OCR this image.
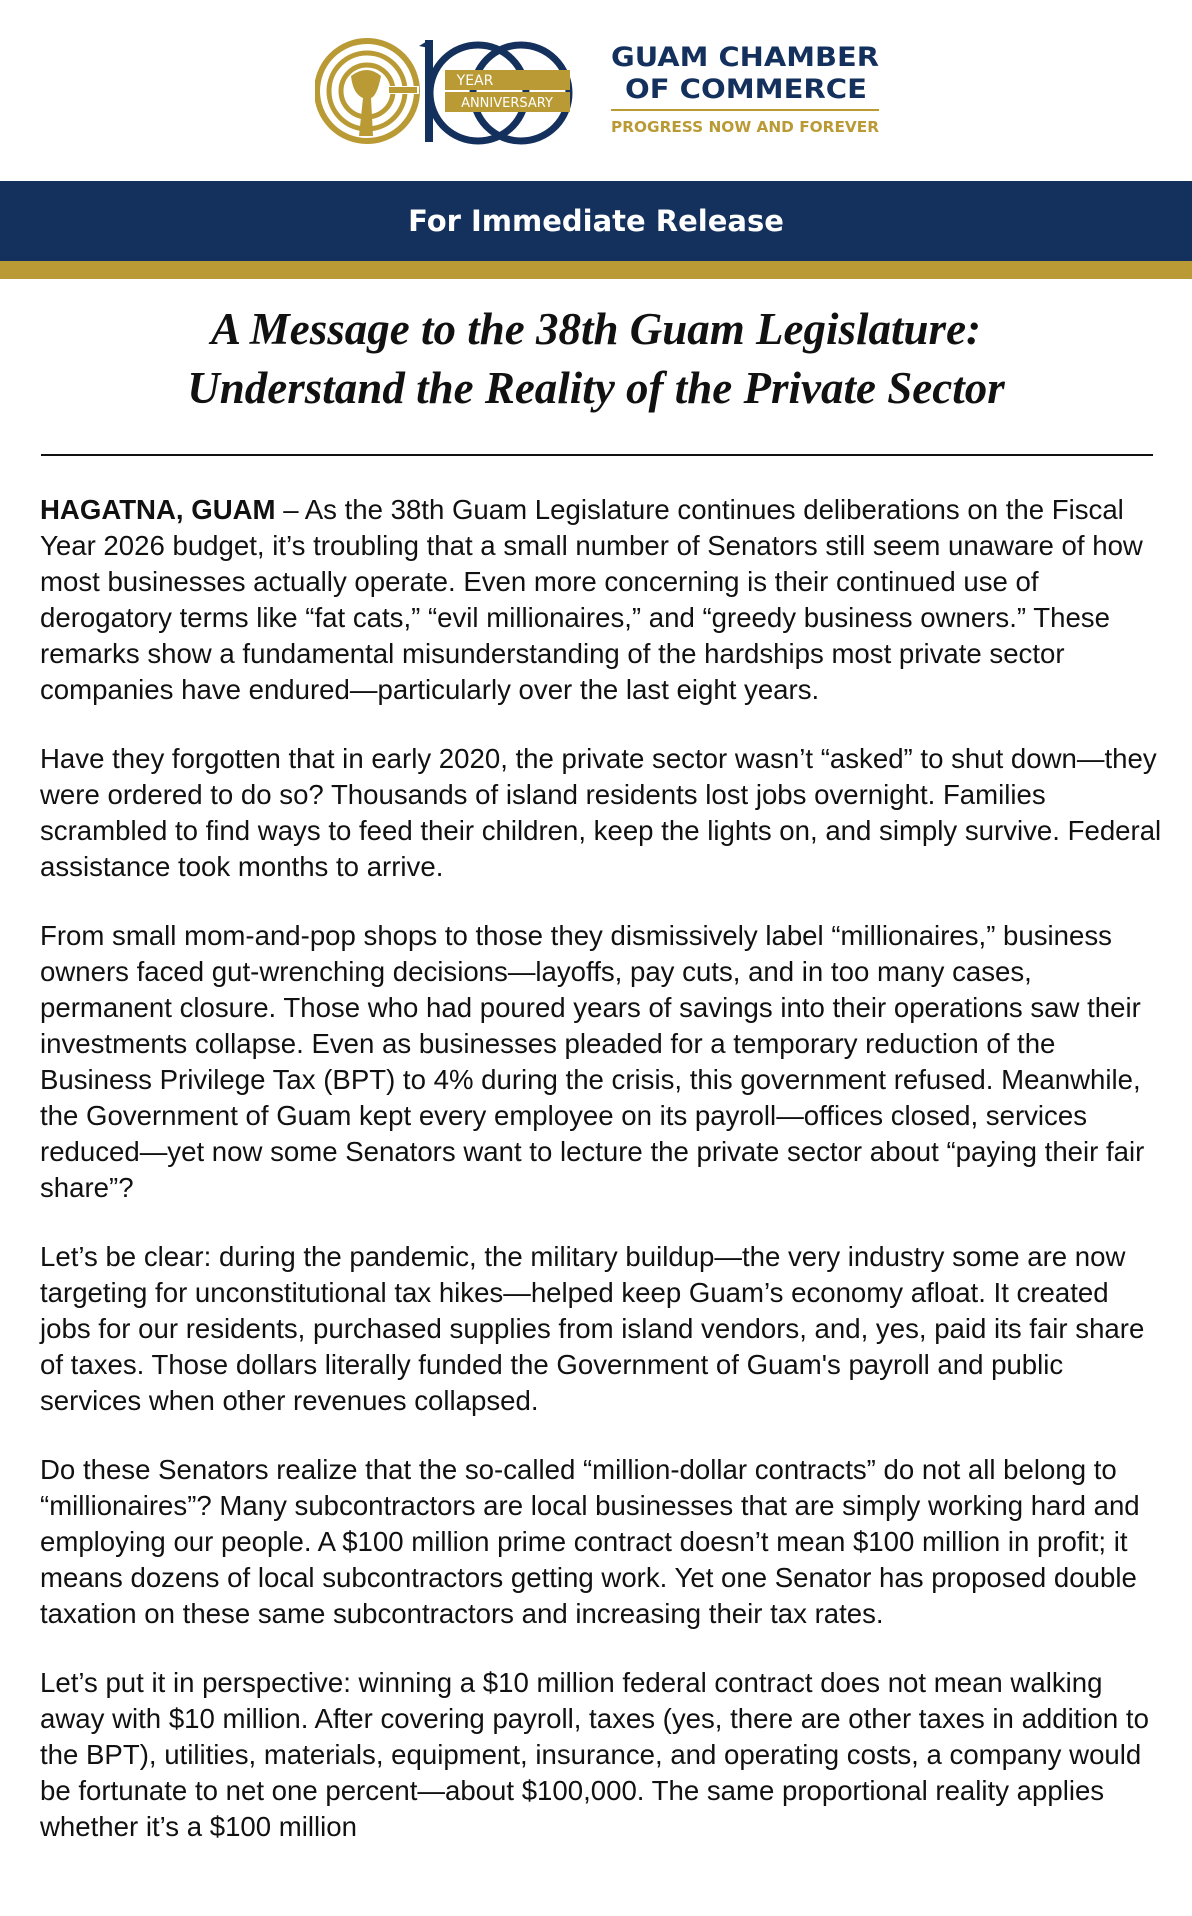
YEAR
ANNIVERSARY
GUAM CHAMBER
OF COMMERCE
PROGRESS NOW AND FOREVER
For Immediate Release
A Message to the 38th Guam Legislature:
Understand the Reality of the Private Sector

HAGATNA, GUAM – As the 38th Guam Legislature continues deliberations on the Fiscal Year 2026 budget, it’s troubling that a small number of Senators still seem unaware of how most businesses actually operate. Even more concerning is their continued use of derogatory terms like “fat cats,” “evil millionaires,” and “greedy business owners.” These remarks show a fundamental misunderstanding of the hardships most private sector companies have endured—particularly over the last eight years.

Have they forgotten that in early 2020, the private sector wasn’t “asked” to shut down—they were ordered to do so? Thousands of island residents lost jobs overnight. Families scrambled to find ways to feed their children, keep the lights on, and simply survive. Federal assistance took months to arrive.

From small mom-and-pop shops to those they dismissively label “millionaires,” business owners faced gut-wrenching decisions—layoffs, pay cuts, and in too many cases, permanent closure. Those who had poured years of savings into their operations saw their investments collapse. Even as businesses pleaded for a temporary reduction of the Business Privilege Tax (BPT) to 4% during the crisis, this government refused. Meanwhile, the Government of Guam kept every employee on its payroll—offices closed, services reduced—yet now some Senators want to lecture the private sector about “paying their fair share”?

Let’s be clear: during the pandemic, the military buildup—the very industry some are now targeting for unconstitutional tax hikes—helped keep Guam’s economy afloat. It created jobs for our residents, purchased supplies from island vendors, and, yes, paid its fair share of taxes. Those dollars literally funded the Government of Guam's payroll and public services when other revenues collapsed.

Do these Senators realize that the so-called “million-dollar contracts” do not all belong to “millionaires”? Many subcontractors are local businesses that are simply working hard and employing our people. A $100 million prime contract doesn’t mean $100 million in profit; it means dozens of local subcontractors getting work. Yet one Senator has proposed double taxation on these same subcontractors and increasing their tax rates.

Let’s put it in perspective: winning a $10 million federal contract does not mean walking away with $10 million. After covering payroll, taxes (yes, there are other taxes in addition to the BPT), utilities, materials, equipment, insurance, and operating costs, a company would be fortunate to net one percent—about $100,000. The same proportional reality applies whether it’s a $100 million
